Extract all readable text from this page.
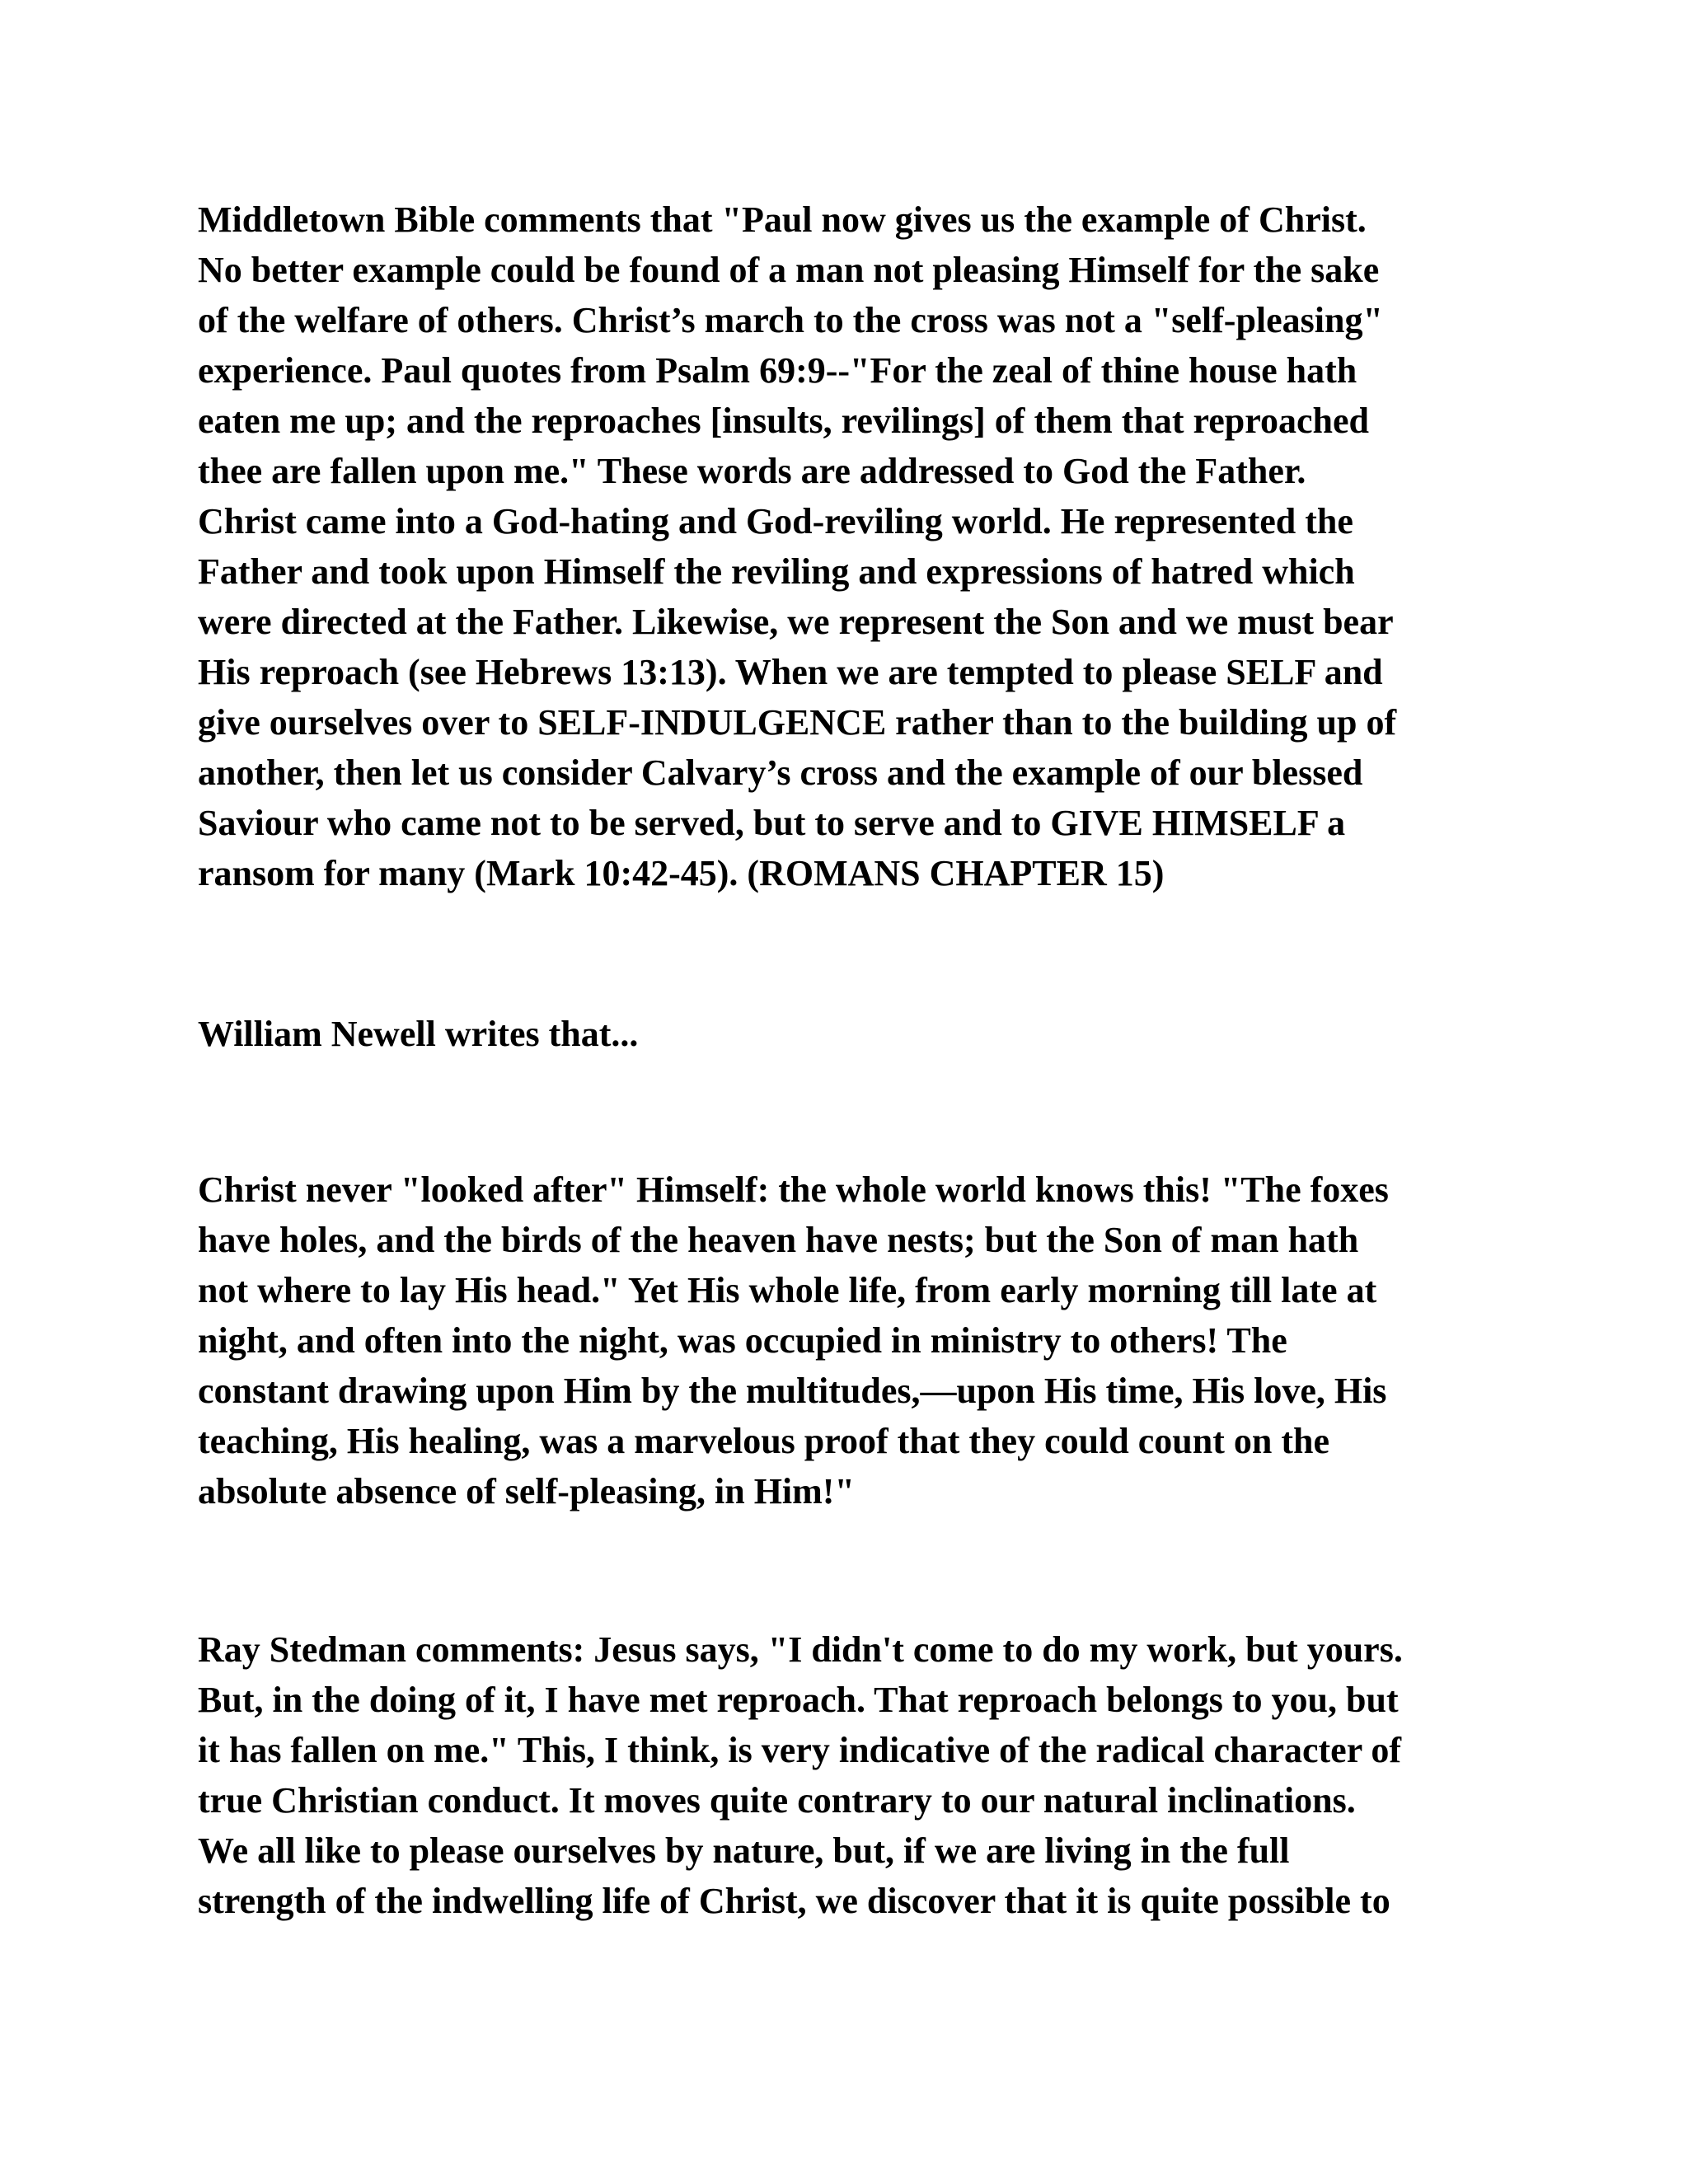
Middletown Bible comments that "Paul now gives us the example of Christ.
No better example could be found of a man not pleasing Himself for the sake
of the welfare of others. Christ’s march to the cross was not a "self-pleasing"
experience. Paul quotes from Psalm 69:9--"For the zeal of thine house hath
eaten me up; and the reproaches [insults, revilings] of them that reproached
thee are fallen upon me." These words are addressed to God the Father.
Christ came into a God-hating and God-reviling world. He represented the
Father and took upon Himself the reviling and expressions of hatred which
were directed at the Father. Likewise, we represent the Son and we must bear
His reproach (see Hebrews 13:13). When we are tempted to please SELF and
give ourselves over to SELF-INDULGENCE rather than to the building up of
another, then let us consider Calvary’s cross and the example of our blessed
Saviour who came not to be served, but to serve and to GIVE HIMSELF a
ransom for many (Mark 10:42-45). (ROMANS CHAPTER 15)
William Newell writes that...
Christ never "looked after" Himself: the whole world knows this! "The foxes
have holes, and the birds of the heaven have nests; but the Son of man hath
not where to lay His head." Yet His whole life, from early morning till late at
night, and often into the night, was occupied in ministry to others! The
constant drawing upon Him by the multitudes,—upon His time, His love, His
teaching, His healing, was a marvelous proof that they could count on the
absolute absence of self-pleasing, in Him!"
Ray Stedman comments: Jesus says, "I didn't come to do my work, but yours.
But, in the doing of it, I have met reproach. That reproach belongs to you, but
it has fallen on me." This, I think, is very indicative of the radical character of
true Christian conduct. It moves quite contrary to our natural inclinations.
We all like to please ourselves by nature, but, if we are living in the full
strength of the indwelling life of Christ, we discover that it is quite possible to
